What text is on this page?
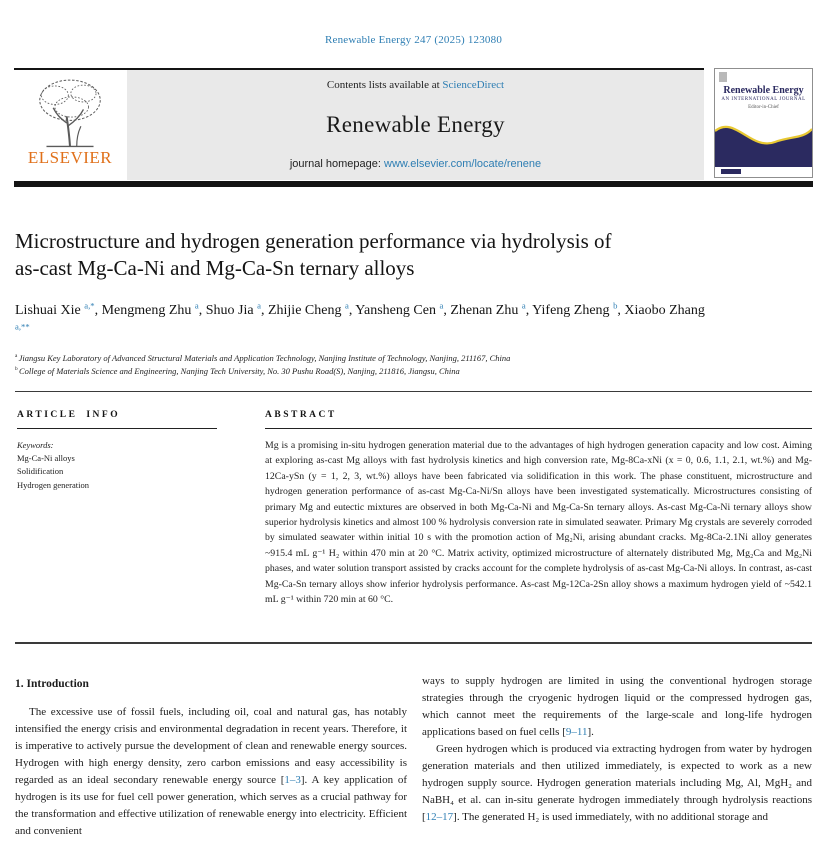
Renewable Energy 247 (2025) 123080
ELSEVIER
Contents lists available at ScienceDirect
Renewable Energy
journal homepage: www.elsevier.com/locate/renene
Renewable Energy
AN INTERNATIONAL JOURNAL
Editor-in-Chief
Microstructure and hydrogen generation performance via hydrolysis of
as-cast Mg-Ca-Ni and Mg-Ca-Sn ternary alloys
Lishuai Xie $^{a,*}$, Mengmeng Zhu $^a$, Shuo Jia $^a$, Zhijie Cheng $^a$, Yansheng Cen $^a$, Zhenan Zhu $^a$, Yifeng Zheng $^b$, Xiaobo Zhang $^{a,**}$
$^a$ Jiangsu Key Laboratory of Advanced Structural Materials and Application Technology, Nanjing Institute of Technology, Nanjing, 211167, China
$^b$ College of Materials Science and Engineering, Nanjing Tech University, No. 30 Pushu Road(S), Nanjing, 211816, Jiangsu, China
ARTICLE INFO
Keywords:
Mg-Ca-Ni alloys
Solidification
Hydrogen generation
ABSTRACT
Mg is a promising in-situ hydrogen generation material due to the advantages of high hydrogen generation capacity and low cost. Aiming at exploring as-cast Mg alloys with fast hydrolysis kinetics and high conversion rate, Mg-8Ca-xNi (x = 0, 0.6, 1.1, 2.1, wt.%) and Mg-12Ca-ySn (y = 1, 2, 3, wt.%) alloys have been fabricated via solidification in this work. The phase constituent, microstructure and hydrogen generation performance of as-cast Mg-Ca-Ni/Sn alloys have been investigated systematically. Microstructures consisting of primary Mg and eutectic mixtures are observed in both Mg-Ca-Ni and Mg-Ca-Sn ternary alloys. As-cast Mg-Ca-Ni ternary alloys show superior hydrolysis kinetics and almost 100 % hydrolysis conversion rate in simulated seawater. Primary Mg crystals are severely corroded by simulated seawater within initial 10 s with the promotion action of Mg₂Ni, arising abundant cracks. Mg-8Ca-2.1Ni alloy generates ~915.4 mL g⁻¹ H₂ within 470 min at 20 °C. Matrix activity, optimized microstructure of alternately distributed Mg, Mg₂Ca and Mg₂Ni phases, and water solution transport assisted by cracks account for the complete hydrolysis of as-cast Mg-Ca-Ni alloys. In contrast, as-cast Mg-Ca-Sn ternary alloys show inferior hydrolysis performance. As-cast Mg-12Ca-2Sn alloy shows a maximum hydrogen yield of ~542.1 mL g⁻¹ within 720 min at 60 °C.
1. Introduction

The excessive use of fossil fuels, including oil, coal and natural gas, has notably intensified the energy crisis and environmental degradation in recent years. Therefore, it is imperative to actively pursue the development of clean and renewable energy sources. Hydrogen with high energy density, zero carbon emissions and easy accessibility is regarded as an ideal secondary renewable energy source [1–3]. A key application of hydrogen is its use for fuel cell power generation, which serves as a crucial pathway for the transformation and effective utilization of renewable energy into electricity. Efficient and convenient

ways to supply hydrogen are limited in using the conventional hydrogen storage strategies through the cryogenic hydrogen liquid or the compressed hydrogen gas, which cannot meet the requirements of the large-scale and long-life hydrogen applications based on fuel cells [9–11].

Green hydrogen which is produced via extracting hydrogen from water by hydrogen generation materials and then utilized immediately, is expected to work as a new hydrogen supply source. Hydrogen generation materials including Mg, Al, MgH₂ and NaBH₄ et al. can in-situ generate hydrogen immediately through hydrolysis reactions [12–17]. The generated H₂ is used immediately, with no additional storage and
